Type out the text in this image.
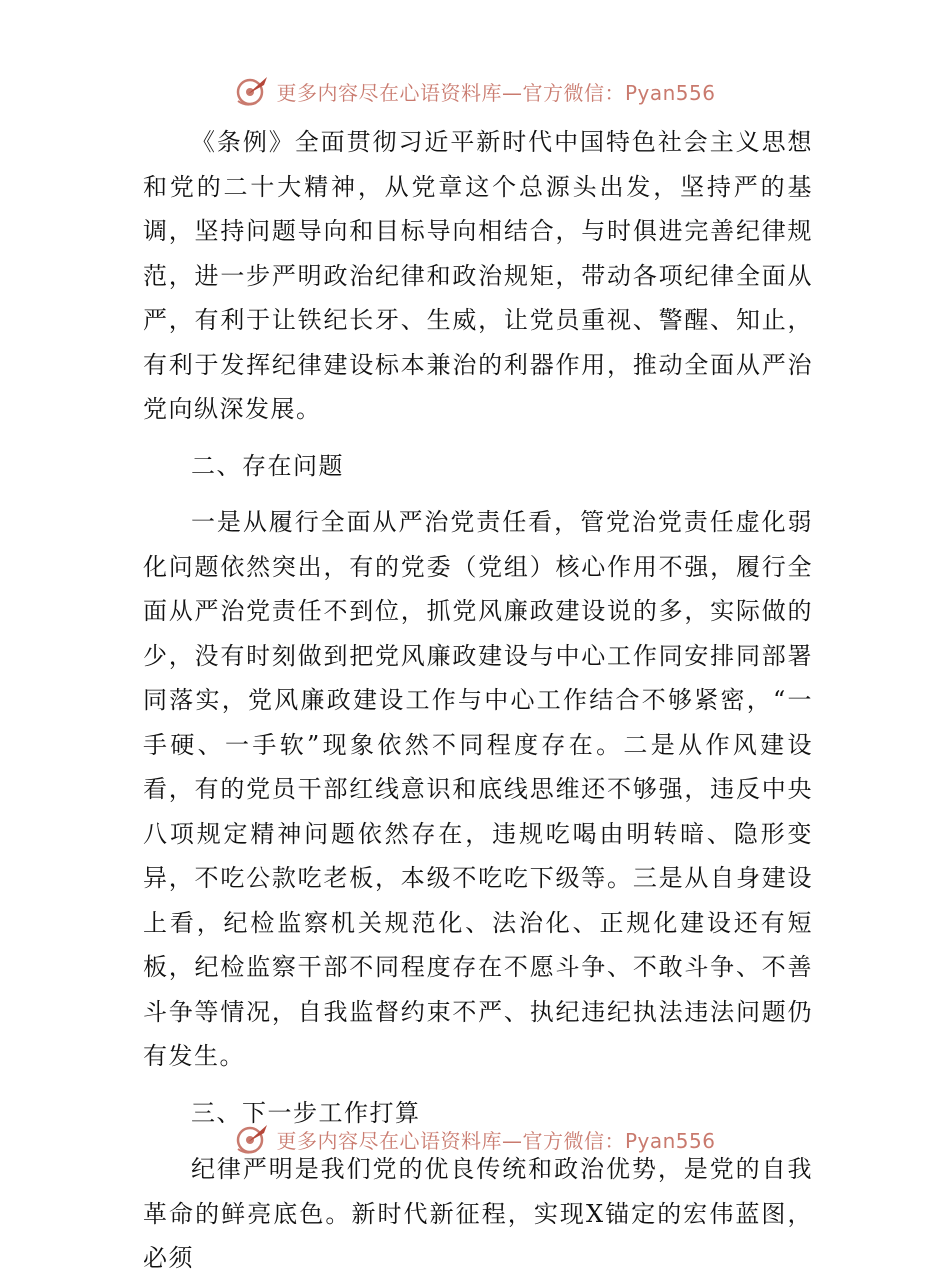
更多内容尽在心语资料库—官方微信：Pyan556

《条例》全面贯彻习近平新时代中国特色社会主义思想和党的二十大精神，从党章这个总源头出发，坚持严的基调，坚持问题导向和目标导向相结合，与时俱进完善纪律规范，进一步严明政治纪律和政治规矩，带动各项纪律全面从严，有利于让铁纪长牙、生威，让党员重视、警醒、知止，有利于发挥纪律建设标本兼治的利器作用，推动全面从严治党向纵深发展。

二、存在问题

一是从履行全面从严治党责任看，管党治党责任虚化弱化问题依然突出，有的党委（党组）核心作用不强，履行全面从严治党责任不到位，抓党风廉政建设说的多，实际做的少，没有时刻做到把党风廉政建设与中心工作同安排同部署同落实，党风廉政建设工作与中心工作结合不够紧密，“一手硬、一手软”现象依然不同程度存在。二是从作风建设看，有的党员干部红线意识和底线思维还不够强，违反中央八项规定精神问题依然存在，违规吃喝由明转暗、隐形变异，不吃公款吃老板，本级不吃吃下级等。三是从自身建设上看，纪检监察机关规范化、法治化、正规化建设还有短板，纪检监察干部不同程度存在不愿斗争、不敢斗争、不善斗争等情况，自我监督约束不严、执纪违纪执法违法问题仍有发生。

三、下一步工作打算

纪律严明是我们党的优良传统和政治优势，是党的自我革命的鲜亮底色。新时代新征程，实现X锚定的宏伟蓝图，必须

更多内容尽在心语资料库—官方微信：Pyan556
